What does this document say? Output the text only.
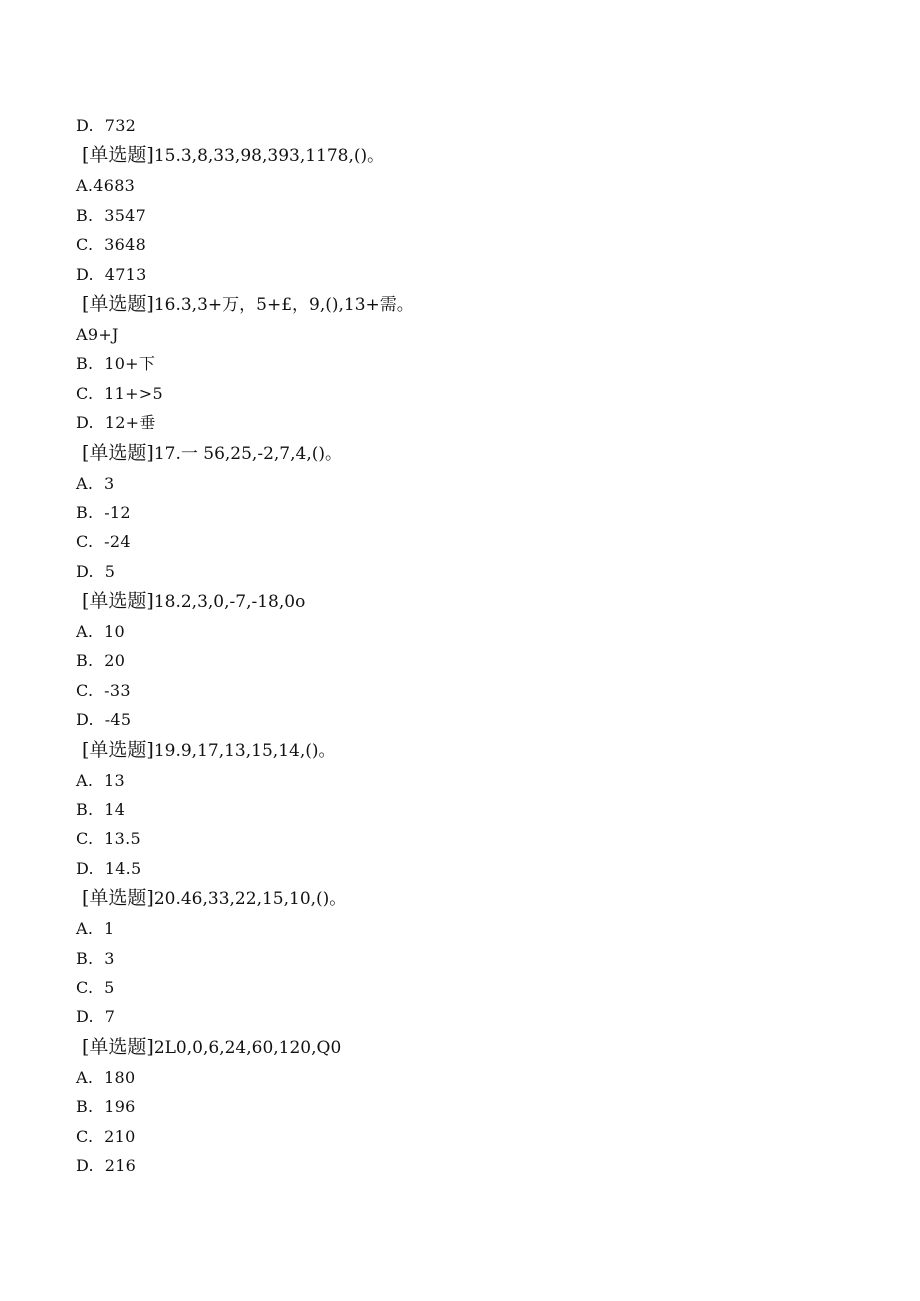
D.  732
[单选题]15.3,8,33,98,393,1178,()。
A.4683
B.  3547
C.  3648
D.  4713
[单选题]16.3,3+万，5+£，9,(),13+需。
A9+J
B.  10+下
C.  11+>5
D.  12+垂
[单选题]17.一 56,25,-2,7,4,()。
A.  3
B.  -12
C.  -24
D.  5
[单选题]18.2,3,0,-7,-18,0o
A.  10
B.  20
C.  -33
D.  -45
[单选题]19.9,17,13,15,14,()。
A.  13
B.  14
C.  13.5
D.  14.5
[单选题]20.46,33,22,15,10,()。
A.  1
B.  3
C.  5
D.  7
[单选题]2L0,0,6,24,60,120,Q0
A.  180
B.  196
C.  210
D.  216
